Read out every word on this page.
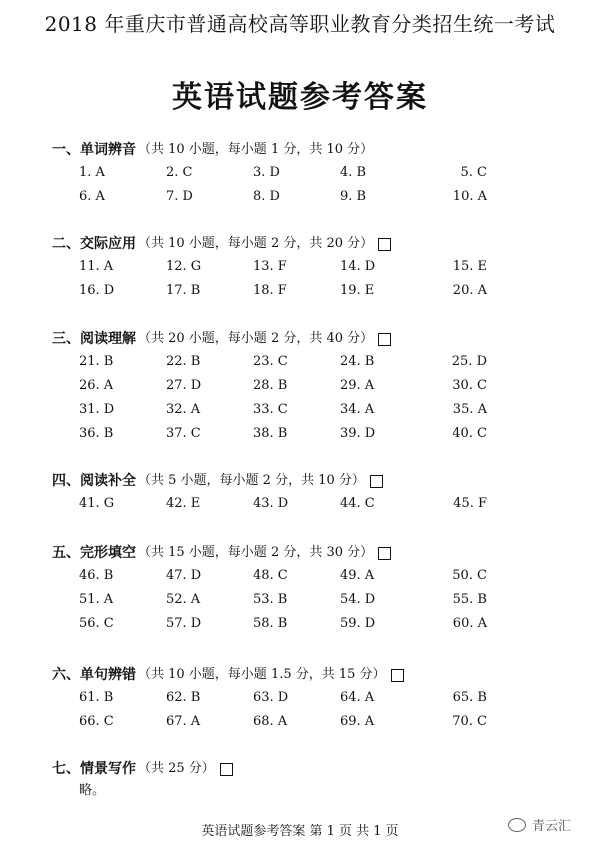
2018 年重庆市普通高校高等职业教育分类招生统一考试
英语试题参考答案
一、单词辨音 （共 10 小题，每小题 1 分，共 10 分）
1. A	2. C	3. D	4. B	5. C
6. A	7. D	8. D	9. B	10. A
二、交际应用 （共 10 小题，每小题 2 分，共 20 分）
11. A	12. G	13. F	14. D	15. E
16. D	17. B	18. F	19. E	20. A
三、阅读理解 （共 20 小题，每小题 2 分，共 40 分）
21. B	22. B	23. C	24. B	25. D
26. A	27. D	28. B	29. A	30. C
31. D	32. A	33. C	34. A	35. A
36. B	37. C	38. B	39. D	40. C
四、阅读补全 （共 5 小题，每小题 2 分，共 10 分）
41. G	42. E	43. D	44. C	45. F
五、完形填空 （共 15 小题，每小题 2 分，共 30 分）
46. B	47. D	48. C	49. A	50. C
51. A	52. A	53. B	54. D	55. B
56. C	57. D	58. B	59. D	60. A
六、单句辨错 （共 10 小题，每小题 1.5 分，共 15 分）
61. B	62. B	63. D	64. A	65. B
66. C	67. A	68. A	69. A	70. C
七、情景写作 （共 25 分）
略。
英语试题参考答案 第 1 页 共 1 页	青云汇
